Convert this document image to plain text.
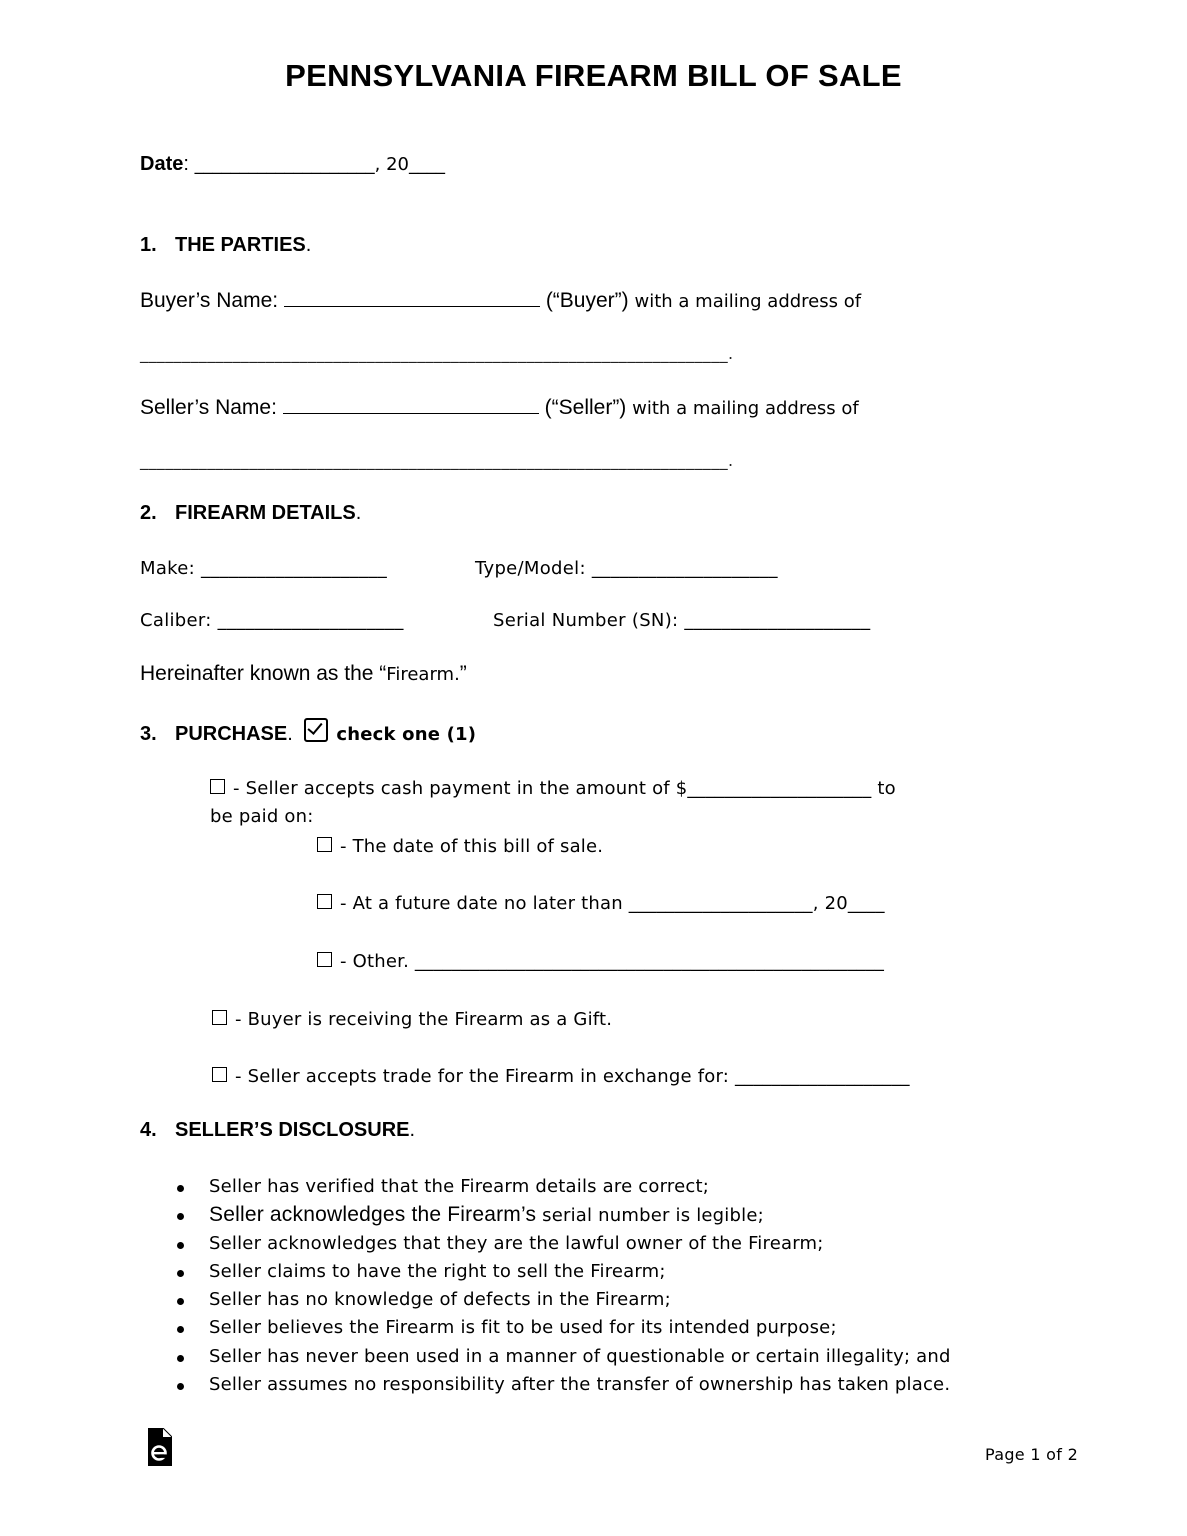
PENNSYLVANIA FIREARM BILL OF SALE
Date: ____________________, 20____
1. THE PARTIES.
Buyer’s Name:	(“Buyer”) with a mailing address of
______________________________________________________________________.
Seller’s Name:	(“Seller”) with a mailing address of
______________________________________________________________________.
2. FIREARM DETAILS.
Make: ____________________	Type/Model: ____________________
Caliber: ____________________	Serial Number (SN): ____________________
Hereinafter known as the “Firearm.”
3. PURCHASE. check one (1)
- Seller accepts cash payment in the amount of $____________________ to
be paid on:
- The date of this bill of sale.
- At a future date no later than ____________________, 20____
- Other. ___________________________________________________
- Buyer is receiving the Firearm as a Gift.
- Seller accepts trade for the Firearm in exchange for: ___________________
4. SELLER’S DISCLOSURE.
Seller has verified that the Firearm details are correct;
Seller acknowledges the Firearm’s serial number is legible;
Seller acknowledges that they are the lawful owner of the Firearm;
Seller claims to have the right to sell the Firearm;
Seller has no knowledge of defects in the Firearm;
Seller believes the Firearm is fit to be used for its intended purpose;
Seller has never been used in a manner of questionable or certain illegality; and
Seller assumes no responsibility after the transfer of ownership has taken place.
Page 1 of 2
